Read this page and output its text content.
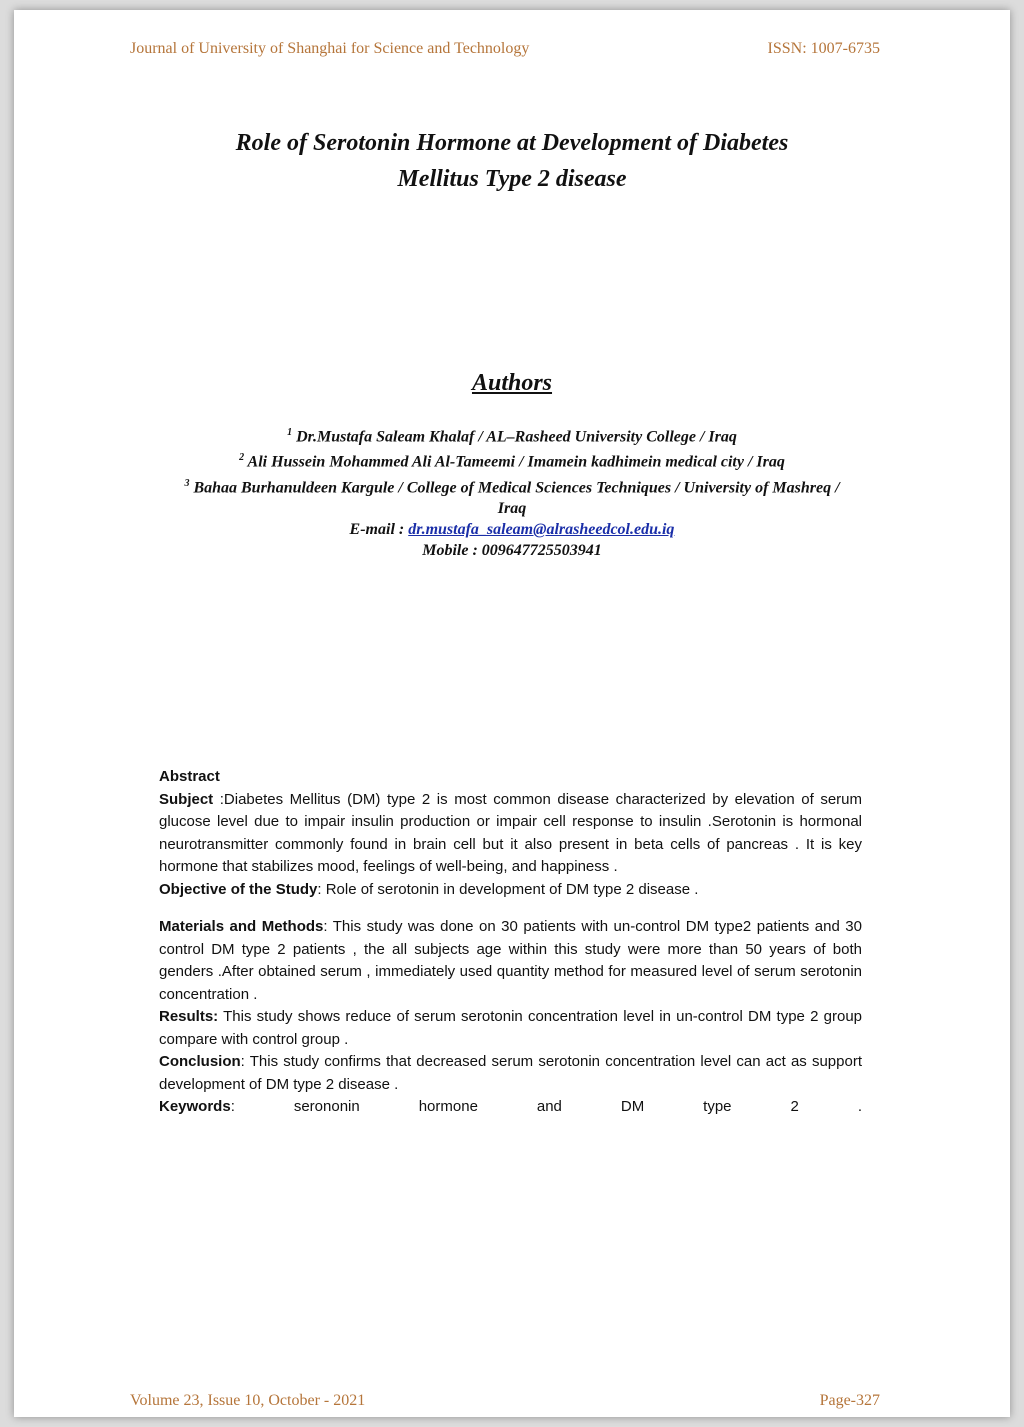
Journal of University of Shanghai for Science and Technology	ISSN: 1007-6735
Role of Serotonin Hormone at Development of Diabetes
Mellitus Type 2 disease
Authors
$^1$ Dr.Mustafa Saleam Khalaf / AL–Rasheed University College / Iraq
$^2$ Ali Hussein Mohammed Ali Al-Tameemi / Imamein kadhimein medical city / Iraq
$^3$ Bahaa Burhanuldeen Kargule / College of Medical Sciences Techniques / University of Mashreq / Iraq
E-mail : dr.mustafa_saleam@alrasheedcol.edu.iq
Mobile : 009647725503941

Abstract

Subject :Diabetes Mellitus (DM) type 2 is most common disease characterized by elevation of serum glucose level due to impair insulin production or impair cell response to insulin .Serotonin is hormonal neurotransmitter commonly found in brain cell but it also present in beta cells of pancreas . It is key hormone that stabilizes mood, feelings of well-being, and happiness .

Objective of the Study: Role of serotonin in development of DM type 2 disease .

Materials and Methods: This study was done on 30 patients with un-control DM type2 patients and 30 control DM type 2 patients , the all subjects age within this study were more than 50 years of both genders .After obtained serum , immediately used quantity method for measured level of serum serotonin concentration .

Results: This study shows reduce of serum serotonin concentration level in un-control DM type 2 group compare with control group .

Conclusion: This study confirms that decreased serum serotonin concentration level can act as support development of DM type 2 disease .

Keywords:	serononin	hormone	and	DM	type	2	.
Volume 23, Issue 10, October - 2021	Page-327
